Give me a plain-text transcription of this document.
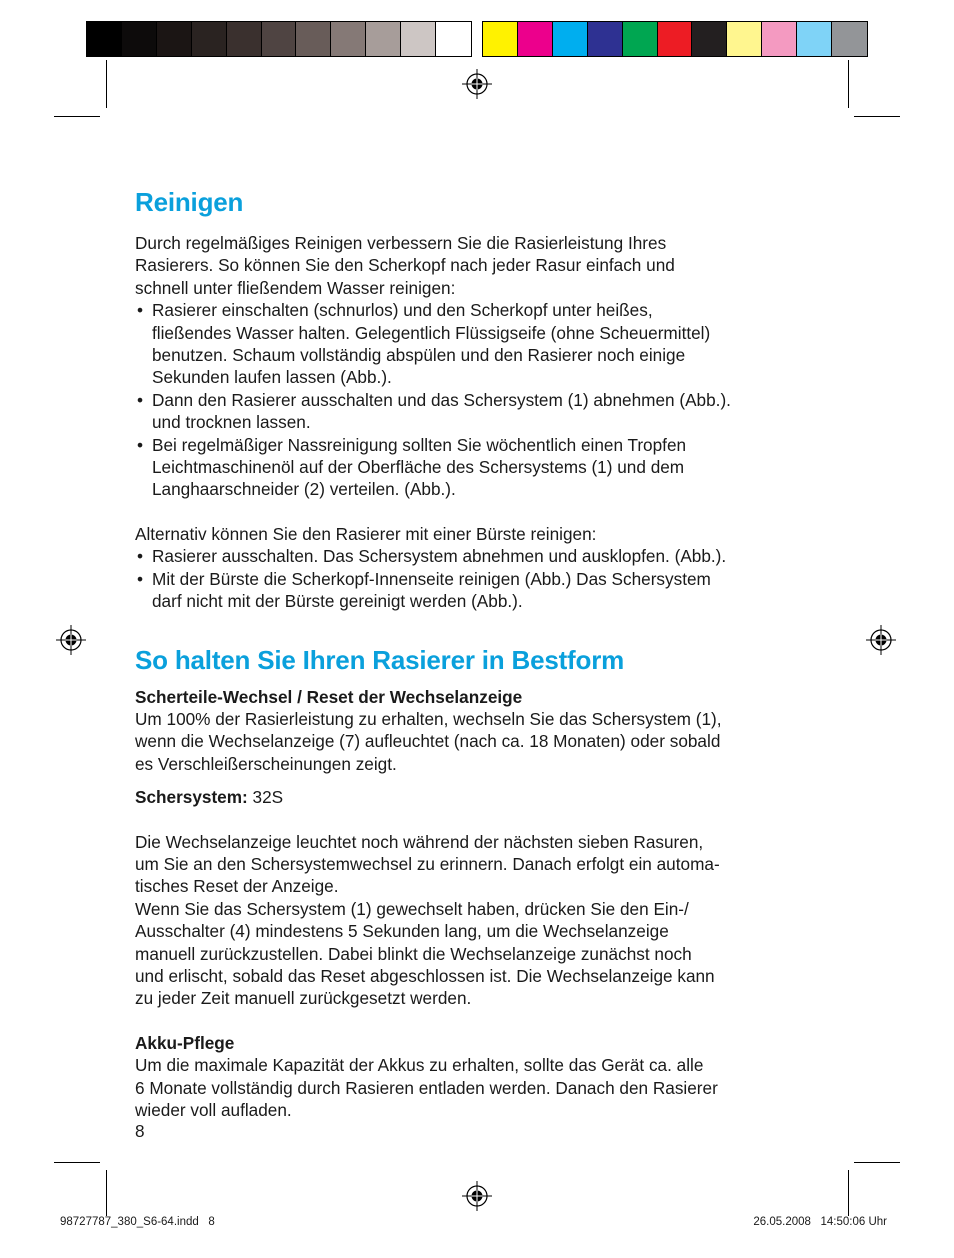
Reinigen

Durch regelmäßiges Reinigen verbessern Sie die Rasierleistung Ihres
Rasierers. So können Sie den Scherkopf nach jeder Rasur einfach und
schnell unter fließendem Wasser reinigen:

• Rasierer einschalten (schnurlos) und den Scherkopf unter heißes,
fließendes Wasser halten. Gelegentlich Flüssigseife (ohne Scheuermittel)
benutzen. Schaum vollständig abspülen und den Rasierer noch einige
Sekunden laufen lassen (Abb.).
• Dann den Rasierer ausschalten und das Schersystem (1) abnehmen (Abb.).
und trocknen lassen.
• Bei regelmäßiger Nassreinigung sollten Sie wöchentlich einen Tropfen
Leichtmaschinenöl auf der Oberfläche des Schersystems (1) und dem
Langhaarschneider (2) verteilen. (Abb.).

Alternativ können Sie den Rasierer mit einer Bürste reinigen:

• Rasierer ausschalten. Das Schersystem abnehmen und ausklopfen. (Abb.).
• Mit der Bürste die Scherkopf-Innenseite reinigen (Abb.) Das Schersystem
darf nicht mit der Bürste gereinigt werden (Abb.).
So halten Sie Ihren Rasierer in Bestform

Scherteile-Wechsel / Reset der Wechselanzeige

Um 100% der Rasierleistung zu erhalten, wechseln Sie das Schersystem (1),
wenn die Wechselanzeige (7) aufleuchtet (nach ca. 18 Monaten) oder sobald
es Verschleißerscheinungen zeigt.

Schersystem: 32S

Die Wechselanzeige leuchtet noch während der nächsten sieben Rasuren,
um Sie an den Schersystemwechsel zu erinnern. Danach erfolgt ein automa-
tisches Reset der Anzeige.
Wenn Sie das Schersystem (1) gewechselt haben, drücken Sie den Ein-/
Ausschalter (4) mindestens 5 Sekunden lang, um die Wechselanzeige
manuell zurückzustellen. Dabei blinkt die Wechselanzeige zunächst noch
und erlischt, sobald das Reset abgeschlossen ist. Die Wechselanzeige kann
zu jeder Zeit manuell zurückgesetzt werden.

Akku-Pflege

Um die maximale Kapazität der Akkus zu erhalten, sollte das Gerät ca. alle
6 Monate vollständig durch Rasieren entladen werden. Danach den Rasierer
wieder voll aufladen.

8
98727787_380_S6-64.indd   8	26.05.2008   14:50:06 Uhr
